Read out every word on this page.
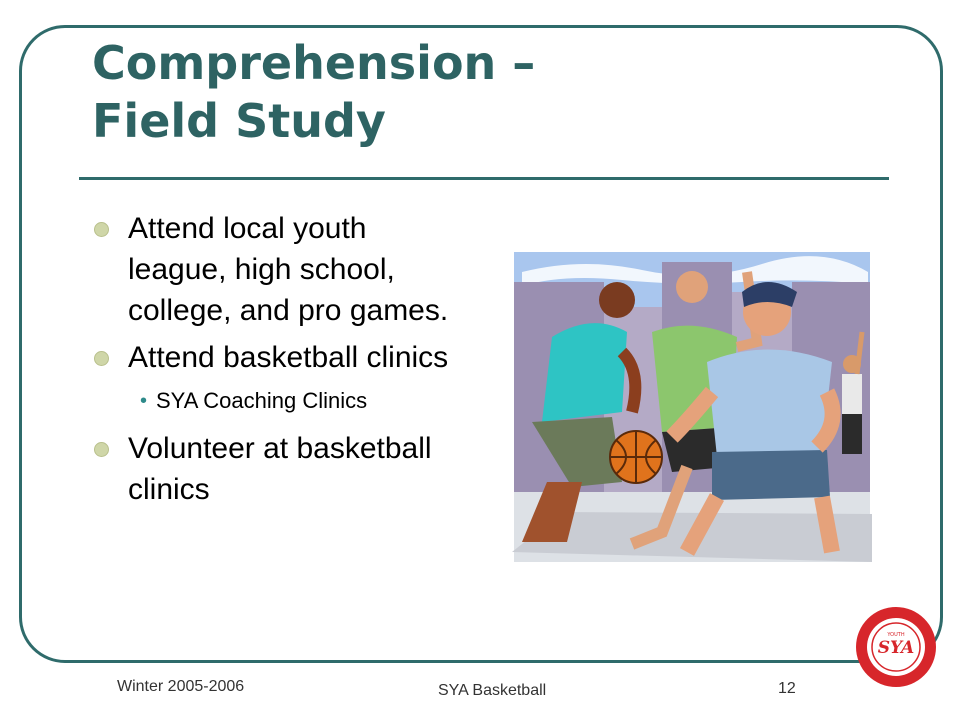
Comprehension –
Field Study
Attend local youth league, high school, college, and pro games.
Attend basketball clinics
• SYA Coaching Clinics
Volunteer at basketball clinics
SYA
YOUTH
Winter 2005-2006	SYA Basketball	12
